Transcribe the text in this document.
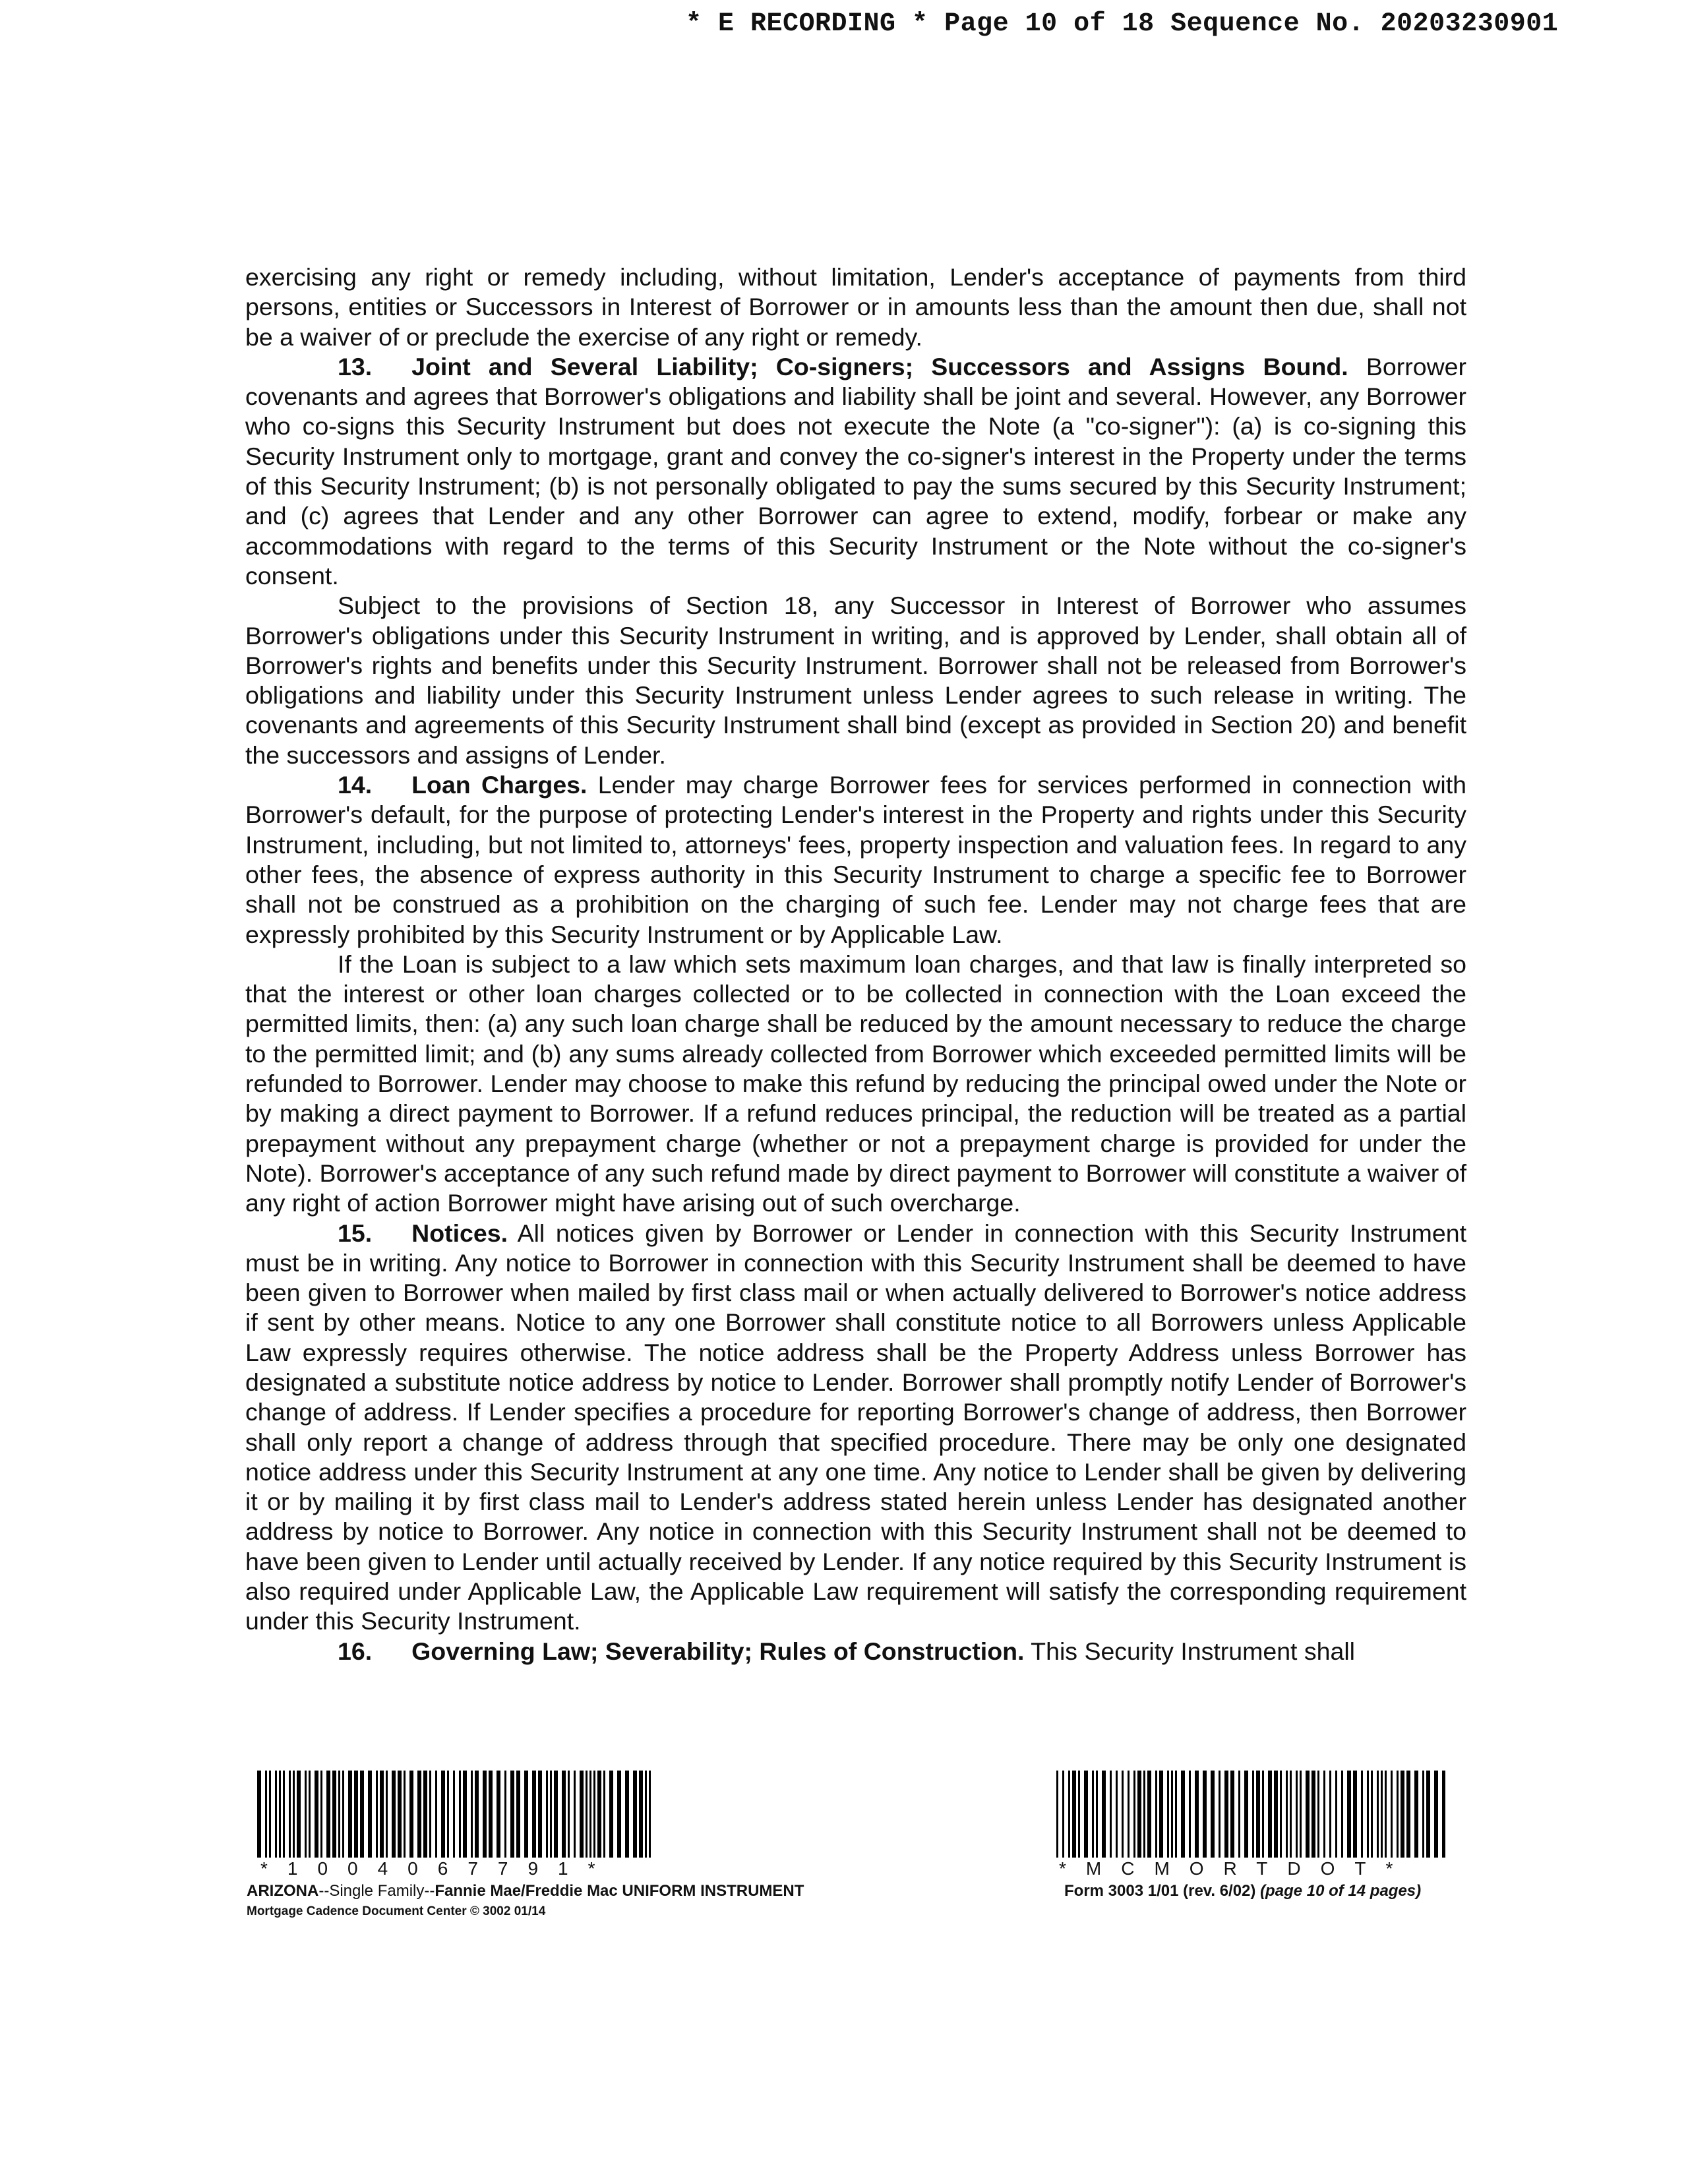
* E RECORDING * Page 10 of 18 Sequence No. 20203230901

exercising any right or remedy including, without limitation, Lender's acceptance of payments from third persons, entities or Successors in Interest of Borrower or in amounts less than the amount then due, shall not be a waiver of or preclude the exercise of any right or remedy.

13. Joint and Several Liability; Co-signers; Successors and Assigns Bound. Borrower covenants and agrees that Borrower's obligations and liability shall be joint and several. However, any Borrower who co-signs this Security Instrument but does not execute the Note (a "co-signer"): (a) is co-signing this Security Instrument only to mortgage, grant and convey the co-signer's interest in the Property under the terms of this Security Instrument; (b) is not personally obligated to pay the sums secured by this Security Instrument; and (c) agrees that Lender and any other Borrower can agree to extend, modify, forbear or make any accommodations with regard to the terms of this Security Instrument or the Note without the co-signer's consent.

Subject to the provisions of Section 18, any Successor in Interest of Borrower who assumes Borrower's obligations under this Security Instrument in writing, and is approved by Lender, shall obtain all of Borrower's rights and benefits under this Security Instrument. Borrower shall not be released from Borrower's obligations and liability under this Security Instrument unless Lender agrees to such release in writing. The covenants and agreements of this Security Instrument shall bind (except as provided in Section 20) and benefit the successors and assigns of Lender.

14. Loan Charges. Lender may charge Borrower fees for services performed in connection with Borrower's default, for the purpose of protecting Lender's interest in the Property and rights under this Security Instrument, including, but not limited to, attorneys' fees, property inspection and valuation fees. In regard to any other fees, the absence of express authority in this Security Instrument to charge a specific fee to Borrower shall not be construed as a prohibition on the charging of such fee. Lender may not charge fees that are expressly prohibited by this Security Instrument or by Applicable Law.

If the Loan is subject to a law which sets maximum loan charges, and that law is finally interpreted so that the interest or other loan charges collected or to be collected in connection with the Loan exceed the permitted limits, then: (a) any such loan charge shall be reduced by the amount necessary to reduce the charge to the permitted limit; and (b) any sums already collected from Borrower which exceeded permitted limits will be refunded to Borrower. Lender may choose to make this refund by reducing the principal owed under the Note or by making a direct payment to Borrower. If a refund reduces principal, the reduction will be treated as a partial prepayment without any prepayment charge (whether or not a prepayment charge is provided for under the Note). Borrower's acceptance of any such refund made by direct payment to Borrower will constitute a waiver of any right of action Borrower might have arising out of such overcharge.

15. Notices. All notices given by Borrower or Lender in connection with this Security Instrument must be in writing. Any notice to Borrower in connection with this Security Instrument shall be deemed to have been given to Borrower when mailed by first class mail or when actually delivered to Borrower's notice address if sent by other means. Notice to any one Borrower shall constitute notice to all Borrowers unless Applicable Law expressly requires otherwise. The notice address shall be the Property Address unless Borrower has designated a substitute notice address by notice to Lender. Borrower shall promptly notify Lender of Borrower's change of address. If Lender specifies a procedure for reporting Borrower's change of address, then Borrower shall only report a change of address through that specified procedure. There may be only one designated notice address under this Security Instrument at any one time. Any notice to Lender shall be given by delivering it or by mailing it by first class mail to Lender's address stated herein unless Lender has designated another address by notice to Borrower. Any notice in connection with this Security Instrument shall not be deemed to have been given to Lender until actually received by Lender. If any notice required by this Security Instrument is also required under Applicable Law, the Applicable Law requirement will satisfy the corresponding requirement under this Security Instrument.

16. Governing Law; Severability; Rules of Construction. This Security Instrument shall

*1004067791*	*MCMORTDOT*
ARIZONA--Single Family--Fannie Mae/Freddie Mac UNIFORM INSTRUMENT
Mortgage Cadence Document Center © 3002 01/14
Form 3003 1/01 (rev. 6/02) (page 10 of 14 pages)
